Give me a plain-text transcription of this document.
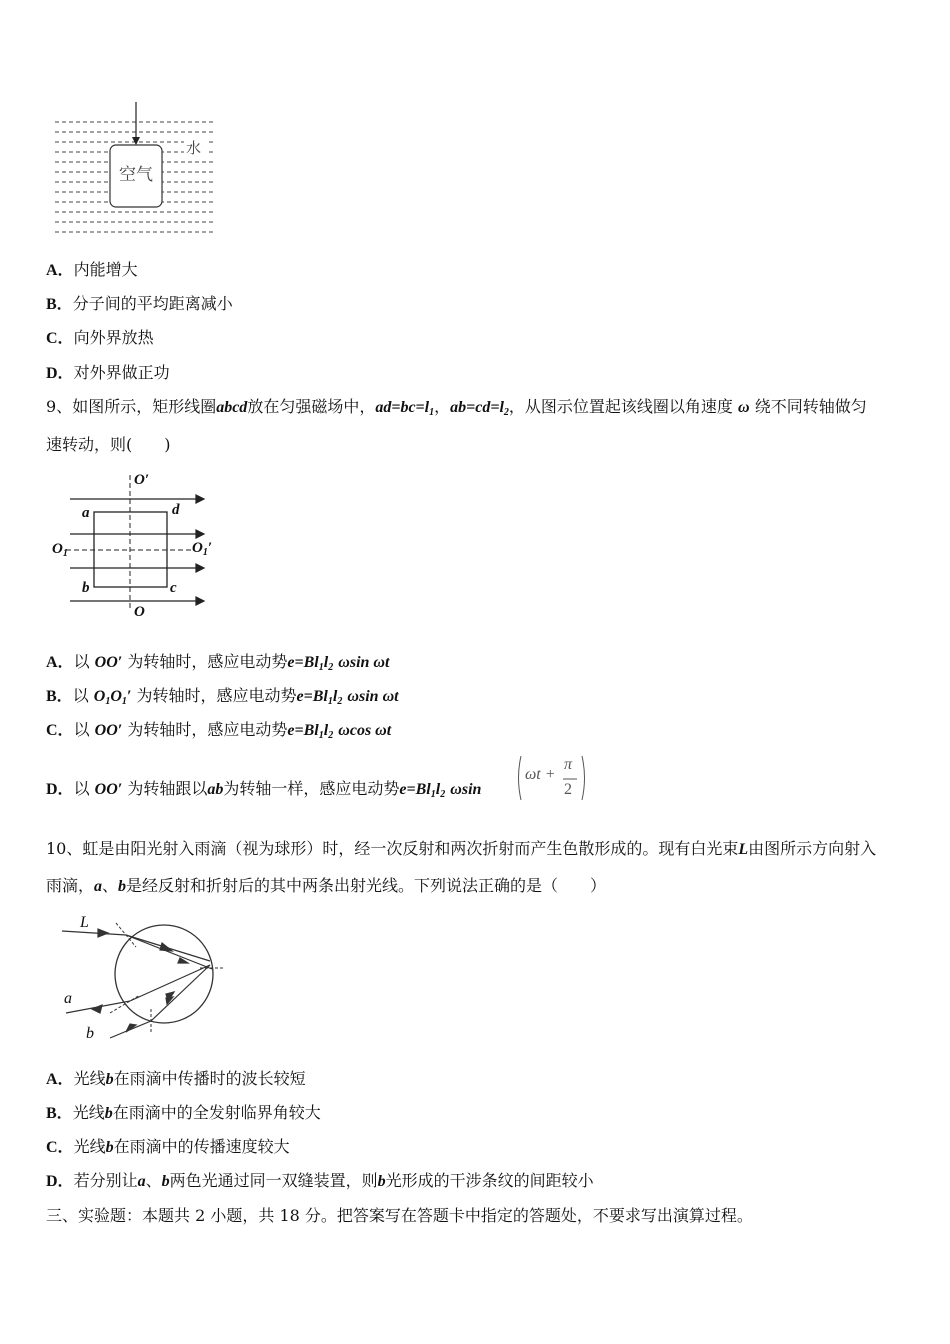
空气
水
A．内能增大
B．分子间的平均距离减小
C．向外界放热
D．对外界做正功
9、如图所示，矩形线圈abcd放在匀强磁场中，$ad=bc=l_1$，$ab=cd=l_2$，从图示位置起该线圈以角速度 ω 绕不同转轴做匀
速转动，则(　　)
O′
O
$O_1$	$O_1'$
a	d
b	c
A．以 OO′ 为转轴时，感应电动势$e=Bl_1l_2$ ωsin ωt
B．以 $O_1O_1'$ 为转轴时，感应电动势$e=Bl_1l_2$ ωsin ωt
C．以 OO′ 为转轴时，感应电动势$e=Bl_1l_2$ ωcos ωt
D．以 OO′ 为转轴跟以ab为转轴一样，感应电动势$e=Bl_1l_2$ ωsin
ωt +
π
2
10、虹是由阳光射入雨滴（视为球形）时，经一次反射和两次折射而产生色散形成的。现有白光束L由图所示方向射入
雨滴，a、b是经反射和折射后的其中两条出射光线。下列说法正确的是（　　）
L
a
b
A．光线b在雨滴中传播时的波长较短
B．光线b在雨滴中的全发射临界角较大
C．光线b在雨滴中的传播速度较大
D．若分别让a、b两色光通过同一双缝装置，则b光形成的干涉条纹的间距较小
三、实验题：本题共 2 小题，共 18 分。把答案写在答题卡中指定的答题处，不要求写出演算过程。
